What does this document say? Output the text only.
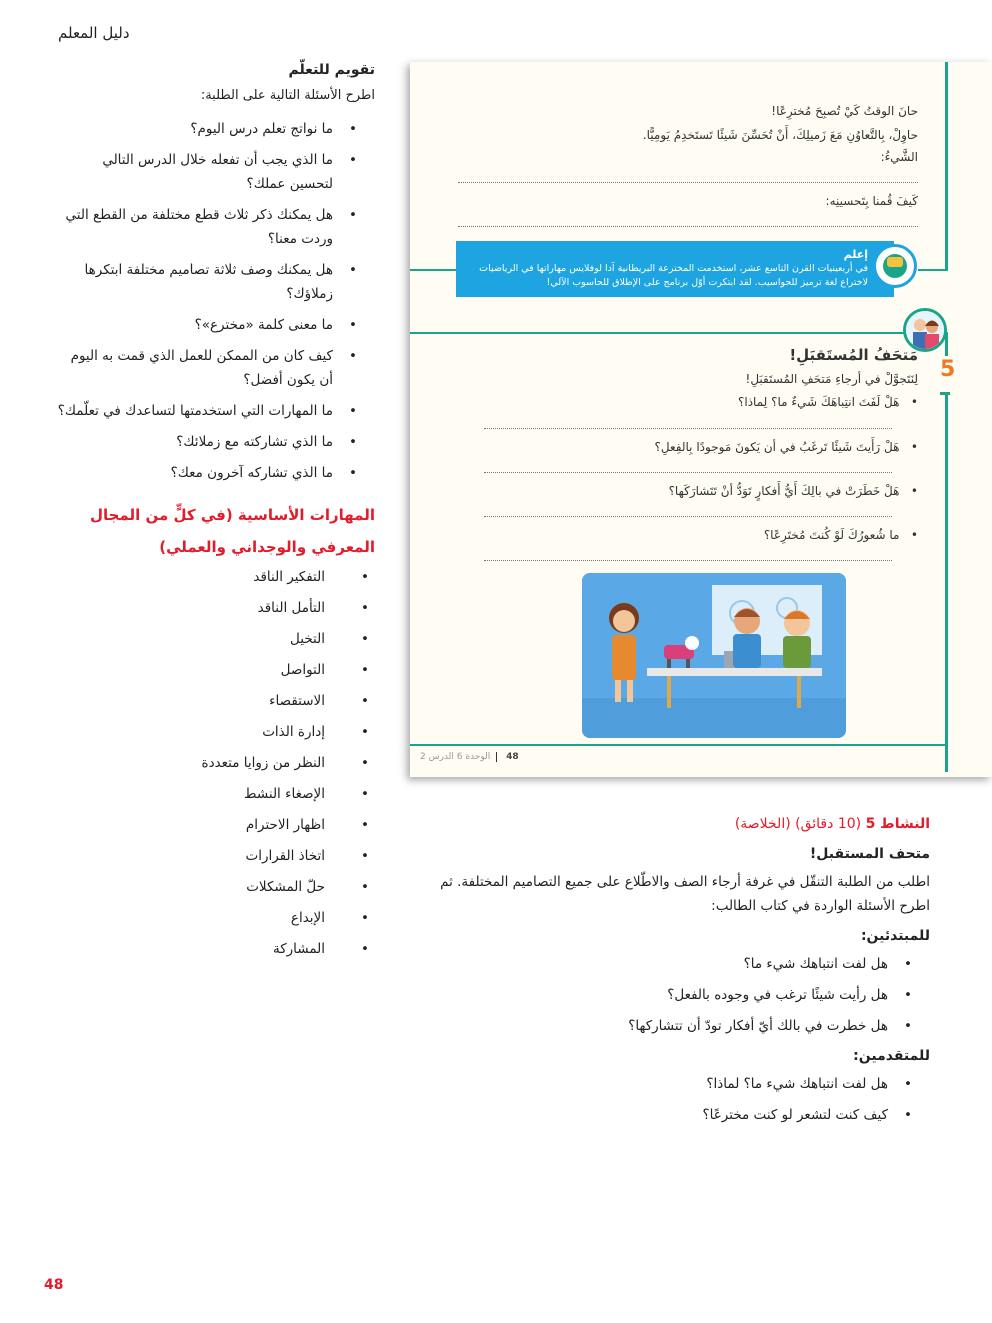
دليل المعلم
تقويم للتعلّم

اطرح الأسئلة التالية على الطلبة:

• ما نواتج تعلم درس اليوم؟
• ما الذي يجب أن تفعله خلال الدرس التالي لتحسين عملك؟
• هل يمكنك ذكر ثلاث قطع مختلفة من القطع التي وردت معنا؟
• هل يمكنك وصف ثلاثة تصاميم مختلفة ابتكرها زملاؤك؟
• ما معنى كلمة «مخترع»؟
• كيف كان من الممكن للعمل الذي قمت به اليوم أن يكون أفضل؟
• ما المهارات التي استخدمتها لتساعدك في تعلّمك؟
• ما الذي تشاركته مع زملائك؟
• ما الذي تشاركه آخرون معك؟
المهارات الأساسية (في كلٍّ من المجال المعرفي والوجداني والعملي)
• التفكير الناقد
• التأمل الناقد
• التخيل
• التواصل
• الاستقصاء
• إدارة الذات
• النظر من زوايا متعددة
• الإصغاء النشط
• اظهار الاحترام
• اتخاذ القرارات
• حلّ المشكلات
• الإبداع
• المشاركة
حانَ الوقتُ كَيْ تُصبِحَ مُخترِعًا!
حاوِلْ، بِالتَّعاوُنِ مَعَ زَميلِكَ، أَنْ تُحَسِّنَ شَيئًا تَستَخدِمُ يَومِيًّا.
الشَّيءُ:
كَيفَ قُمنا بِتَحسينِه:
إعلم
في أربعينيات القرن التاسع عشر، استخدمت المخترعة البريطانية آدا لوفلايس مهاراتها في الرياضيات لاختراع لغة ترميز للحواسيب. لقد ابتكرت أوّل برنامج على الإطلاق للحاسوب الآلي!
5
مَتحَفُ المُستَقبَلِ!
لِنَتَجوَّلْ في أرجاءِ مَتحَفِ المُستَقبَلِ!
•   هَلْ لَفَتَ انتِباهَكَ شَيءٌ ما؟ لِماذا؟
•   هَلْ رَأَيتَ شَيئًا تَرغَبُ في أن يَكونَ مَوجودًا بِالفِعلِ؟
•   هَلْ خَطَرَتْ في بالِكَ أَيُّ أَفكارٍ تَوَدُّ أنْ تَتَشارَكَها؟
•   ما شُعورُكَ لَوْ كُنتَ مُختَرِعًا؟
48 الوحدة 6 الدرس 2

النشاط 5 (10 دقائق) (الخلاصة)

متحف المستقبل!

اطلب من الطلبة التنقّل في غرفة أرجاء الصف والاطّلاع على جميع التصاميم المختلفة. ثم اطرح الأسئلة الواردة في كتاب الطالب:

للمبتدئين:
• هل لفت انتباهك شيء ما؟
• هل رأيت شيئًا ترغب في وجوده بالفعل؟
• هل خطرت في بالك أيّ أفكار تودّ أن تتشاركها؟
للمتقدمين:
• هل لفت انتباهك شيء ما؟ لماذا؟
• كيف كنت لتشعر لو كنت مخترعًا؟
48
